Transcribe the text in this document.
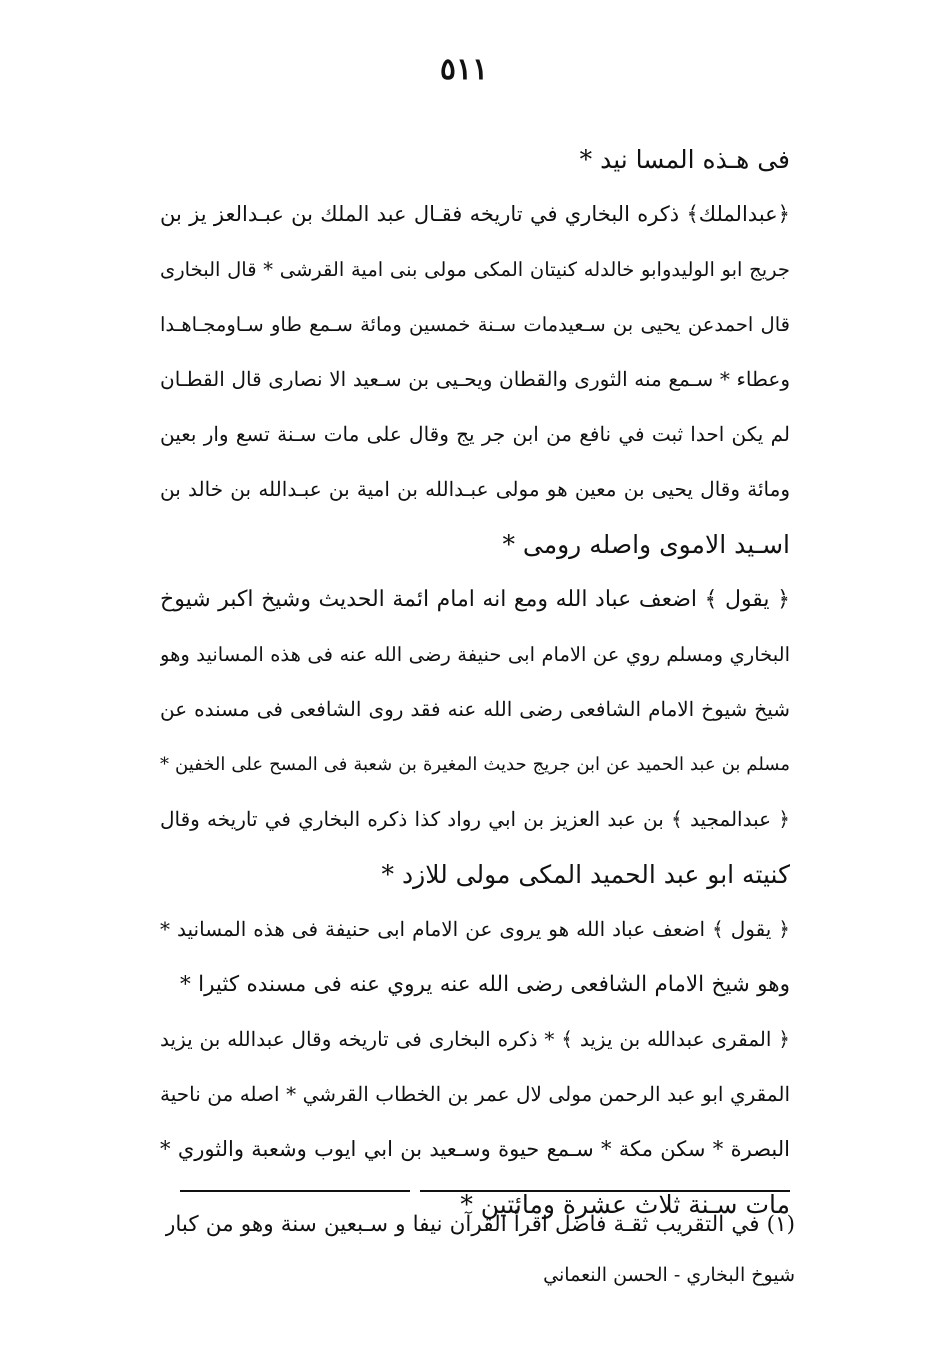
٥١١
فى هـذه المسا نيد *
﴿عبدالملك﴾ ذكره البخاري في تاريخه فقـال عبد الملك بن عبـدالعز يز بن
جريج ابو الوليدوابو خالدله كنيتان المكى مولى بنى امية القرشى * قال البخارى
قال احمدعن يحيى بن سـعيدمات سـنة خمسين ومائة سـمع طاو سـاومجـاهـدا
وعطاء * سـمع منه الثورى والقطان ويحـيى بن سـعيد الا نصارى قال القطـان
لم يكن احدا ثبت في نافع من ابن جر يج وقال على مات سـنة تسع وار بعين
ومائة وقال يحيى بن معين هو مولى عبـدالله بن امية بن عبـدالله بن خالد بن
اسـيد الاموى واصله رومى *
﴿ يقول ﴾ اضعف عباد الله ومع انه امام ائمة الحديث وشيخ اكبر شيوخ
البخاري ومسلم روي عن الامام ابى حنيفة رضى الله عنه فى هذه المسانيد وهو
شيخ شيوخ الامام الشافعى رضى الله عنه فقد روى الشافعى فى مسنده عن
مسلم بن عبد الحميد عن ابن جريج حديث المغيرة بن شعبة فى المسح على الخفين *
﴿ عبدالمجيد ﴾ بن عبد العزيز بن ابي رواد كذا ذكره البخاري في تاريخه وقال
كنيته ابو عبد الحميد المكى مولى للازد *
﴿ يقول ﴾ اضعف عباد الله هو يروى عن الامام ابى حنيفة فى هذه المسانيد *
وهو شيخ الامام الشافعى رضى الله عنه يروي عنه فى مسنده كثيرا *
﴿ المقرى عبدالله بن يزيد ﴾ * ذكره البخارى فى تاريخه وقال عبدالله بن يزيد
المقري ابو عبد الرحمن مولى لال عمر بن الخطاب القرشي * اصله من ناحية
البصرة * سكن مكة * سـمع حيوة وسـعيد بن ابي ايوب وشعبة والثوري *
مات سـنة ثلاث عشرة ومائتين *
(١) في التقريب ثقـة فاضل اقرأ القرآن نيفا و سـبعين سنة وهو من كبار
شيوخ البخاري - الحسن النعماني
